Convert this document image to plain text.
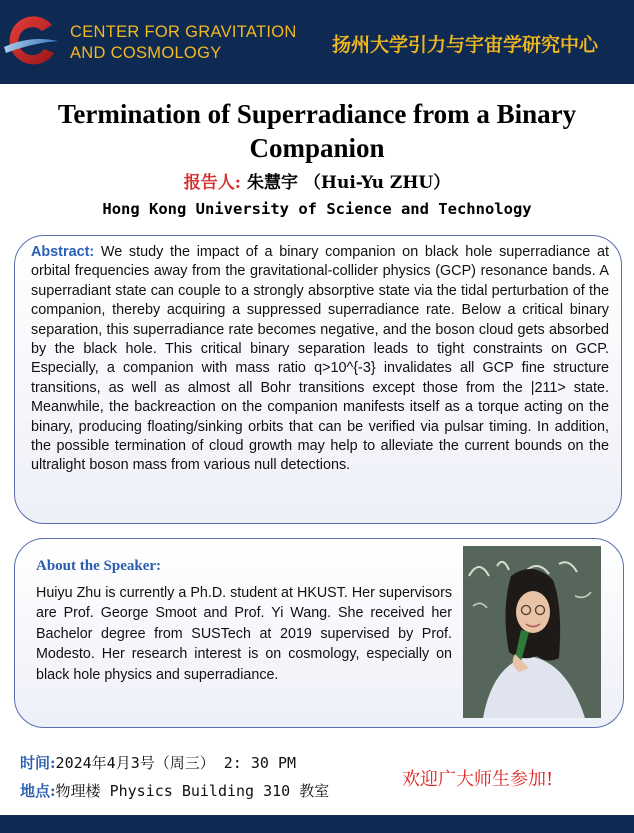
CENTER FOR GRAVITATION
AND COSMOLOGY	扬州大学引力与宇宙学研究中心
Termination of Superradiance from a Binary Companion
报告人: 朱慧宇 （Hui-Yu ZHU）
Hong Kong University of Science and Technology

Abstract: We study the impact of a binary companion on black hole superradiance at orbital frequencies away from the gravitational-collider physics (GCP) resonance bands. A superradiant state can couple to a strongly absorptive state via the tidal perturbation of the companion, thereby acquiring a suppressed superradiance rate. Below a critical binary separation, this superradiance rate becomes negative, and the boson cloud gets absorbed by the black hole. This critical binary separation leads to tight constraints on GCP. Especially, a companion with mass ratio q>10^{-3} invalidates all GCP fine structure transitions, as well as almost all Bohr transitions except those from the |211> state. Meanwhile, the backreaction on the companion manifests itself as a torque acting on the binary, producing floating/sinking orbits that can be verified via pulsar timing. In addition, the possible termination of cloud growth may help to alleviate the current bounds on the ultralight boson mass from various null detections.

About the Speaker:

Huiyu Zhu is currently a Ph.D. student at HKUST. Her supervisors are Prof. George Smoot and Prof. Yi Wang. She received her Bachelor degree from SUSTech at 2019 supervised by Prof. Modesto. Her research interest is on cosmology, especially on black hole physics and superradiance.

时间:2024年4月3号（周三） 2: 30 PM
地点:物理楼 Physics Building 310 教室
欢迎广大师生参加!
